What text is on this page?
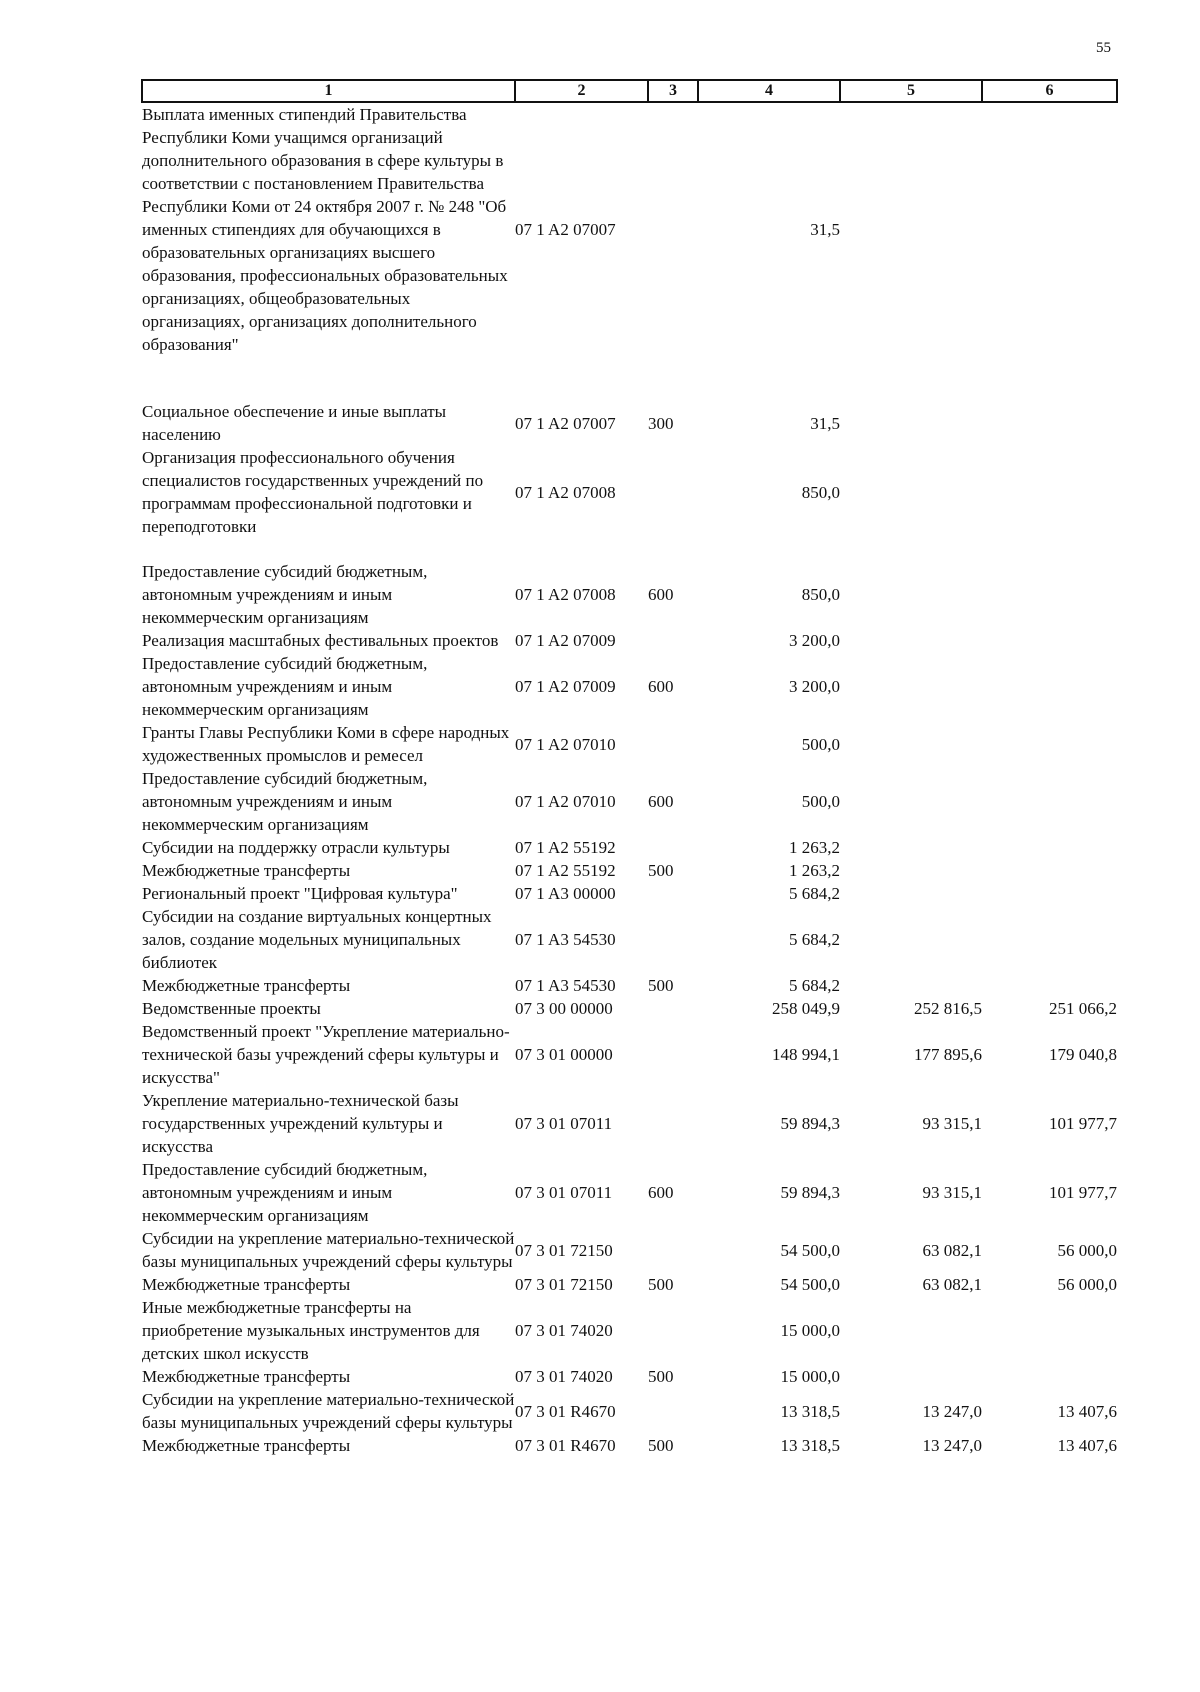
55
1	2	3	4	5	6
Выплата именных стипендий Правительства Республики Коми учащимся организаций дополнительного образования в сфере культуры в соответствии с постановлением Правительства Республики Коми от 24 октября 2007 г. № 248 "Об именных стипендиях для обучающихся в образовательных организациях высшего образования, профессиональных образовательных организациях, общеобразовательных организациях, организациях дополнительного образования"	07 1 A2 07007		31,5		
Социальное обеспечение и иные выплаты населению	07 1 A2 07007	300	31,5		
Организация профессионального обучения специалистов государственных учреждений по программам профессиональной подготовки и переподготовки	07 1 A2 07008		850,0		
Предоставление субсидий бюджетным, автономным учреждениям и иным некоммерческим организациям	07 1 A2 07008	600	850,0		
Реализация масштабных фестивальных проектов	07 1 A2 07009		3 200,0		
Предоставление субсидий бюджетным, автономным учреждениям и иным некоммерческим организациям	07 1 A2 07009	600	3 200,0		
Гранты Главы Республики Коми в сфере народных художественных промыслов и ремесел	07 1 A2 07010		500,0		
Предоставление субсидий бюджетным, автономным учреждениям и иным некоммерческим организациям	07 1 A2 07010	600	500,0		
Субсидии на поддержку отрасли культуры	07 1 A2 55192		1 263,2		
Межбюджетные трансферты	07 1 A2 55192	500	1 263,2		
Региональный проект "Цифровая культура"	07 1 A3 00000		5 684,2		
Субсидии на создание виртуальных концертных залов, создание модельных муниципальных библиотек	07 1 A3 54530		5 684,2		
Межбюджетные трансферты	07 1 A3 54530	500	5 684,2		
Ведомственные проекты	07 3 00 00000		258 049,9	252 816,5	251 066,2
Ведомственный проект "Укрепление материально-технической базы учреждений сферы культуры и искусства"	07 3 01 00000		148 994,1	177 895,6	179 040,8
Укрепление материально-технической базы государственных учреждений культуры и искусства	07 3 01 07011		59 894,3	93 315,1	101 977,7
Предоставление субсидий бюджетным, автономным учреждениям и иным некоммерческим организациям	07 3 01 07011	600	59 894,3	93 315,1	101 977,7
Субсидии на укрепление материально-технической базы муниципальных учреждений сферы культуры	07 3 01 72150		54 500,0	63 082,1	56 000,0
Межбюджетные трансферты	07 3 01 72150	500	54 500,0	63 082,1	56 000,0
Иные межбюджетные трансферты на приобретение музыкальных инструментов для детских школ искусств	07 3 01 74020		15 000,0		
Межбюджетные трансферты	07 3 01 74020	500	15 000,0		
Субсидии на укрепление материально-технической базы муниципальных учреждений сферы культуры	07 3 01 R4670		13 318,5	13 247,0	13 407,6
Межбюджетные трансферты	07 3 01 R4670	500	13 318,5	13 247,0	13 407,6
